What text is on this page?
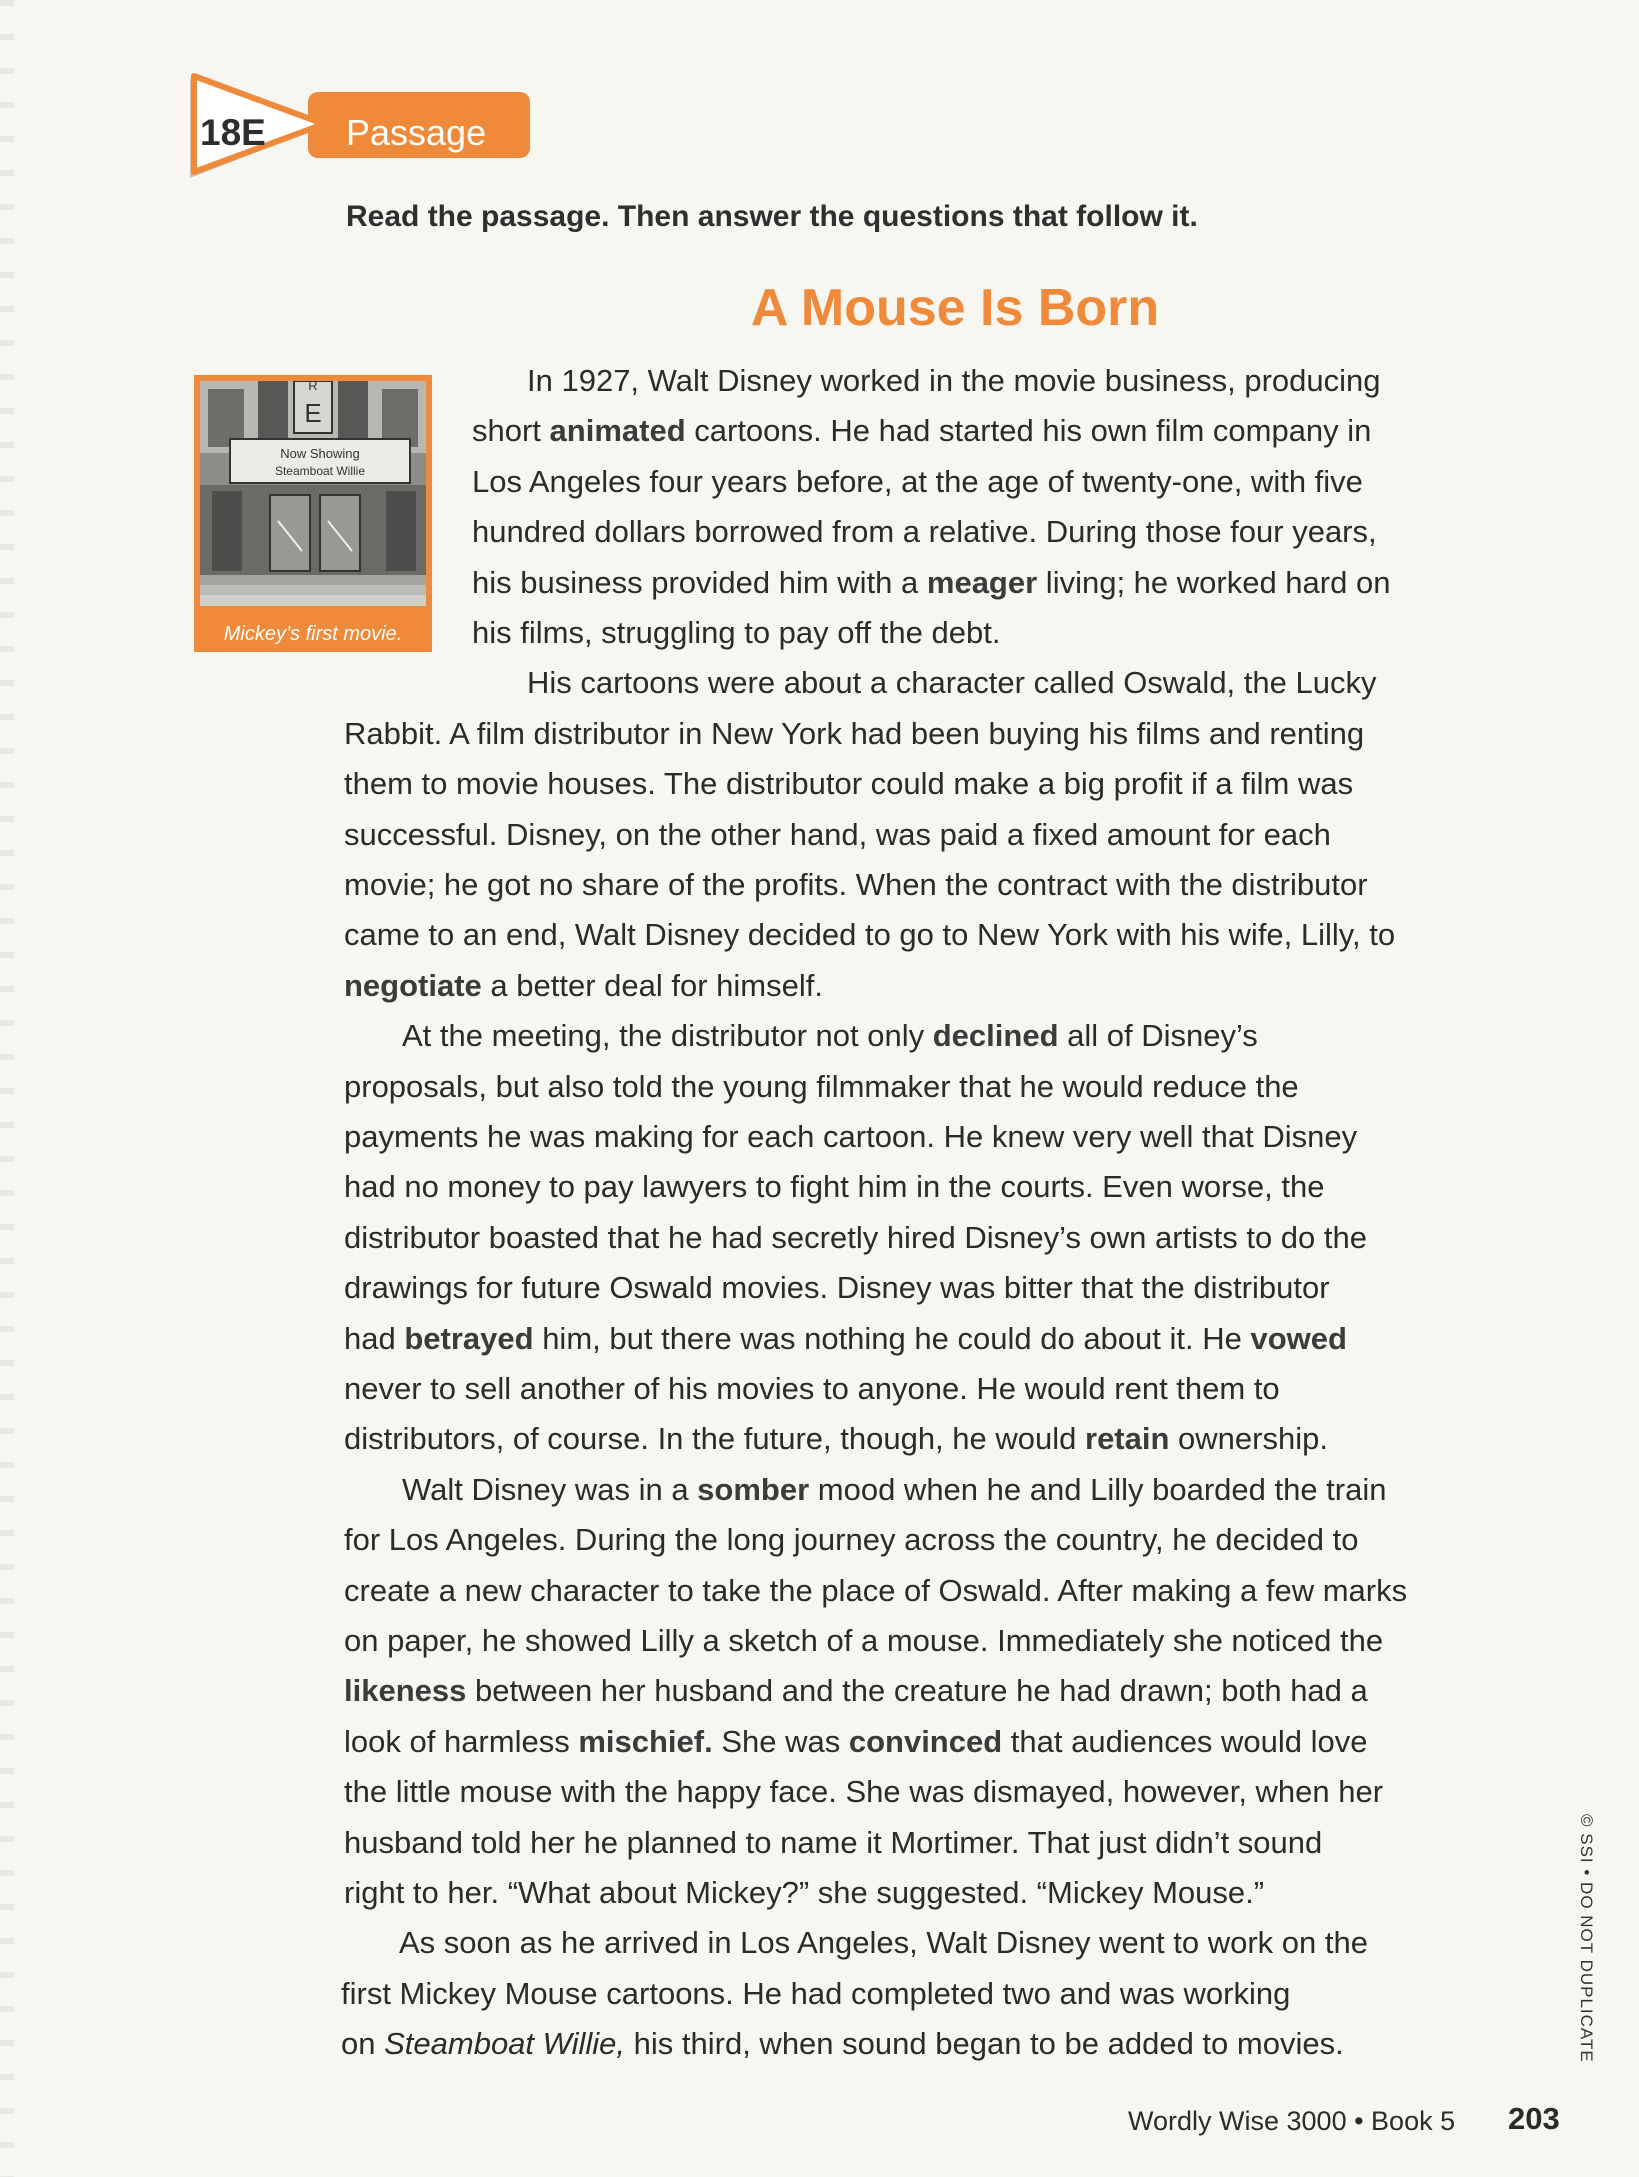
18E Passage
Read the passage. Then answer the questions that follow it.
A Mouse Is Born
R
E
Now Showing
Steamboat Willie
Mickey’s first movie.
In 1927, Walt Disney worked in the movie business, producing
short animated cartoons. He had started his own film company in
Los Angeles four years before, at the age of twenty-one, with five
hundred dollars borrowed from a relative. During those four years,
his business provided him with a meager living; he worked hard on
his films, struggling to pay off the debt.
His cartoons were about a character called Oswald, the Lucky
Rabbit. A film distributor in New York had been buying his films and renting
them to movie houses. The distributor could make a big profit if a film was
successful. Disney, on the other hand, was paid a fixed amount for each
movie; he got no share of the profits. When the contract with the distributor
came to an end, Walt Disney decided to go to New York with his wife, Lilly, to
negotiate a better deal for himself.
At the meeting, the distributor not only declined all of Disney’s
proposals, but also told the young filmmaker that he would reduce the
payments he was making for each cartoon. He knew very well that Disney
had no money to pay lawyers to fight him in the courts. Even worse, the
distributor boasted that he had secretly hired Disney’s own artists to do the
drawings for future Oswald movies. Disney was bitter that the distributor
had betrayed him, but there was nothing he could do about it. He vowed
never to sell another of his movies to anyone. He would rent them to
distributors, of course. In the future, though, he would retain ownership.
Walt Disney was in a somber mood when he and Lilly boarded the train
for Los Angeles. During the long journey across the country, he decided to
create a new character to take the place of Oswald. After making a few marks
on paper, he showed Lilly a sketch of a mouse. Immediately she noticed the
likeness between her husband and the creature he had drawn; both had a
look of harmless mischief. She was convinced that audiences would love
the little mouse with the happy face. She was dismayed, however, when her
husband told her he planned to name it Mortimer. That just didn’t sound
right to her. “What about Mickey?” she suggested. “Mickey Mouse.”
As soon as he arrived in Los Angeles, Walt Disney went to work on the
first Mickey Mouse cartoons. He had completed two and was working
on Steamboat Willie, his third, when sound began to be added to movies.	© SSI • DO NOT DUPLICATE
Wordly Wise 3000 • Book 5 203
